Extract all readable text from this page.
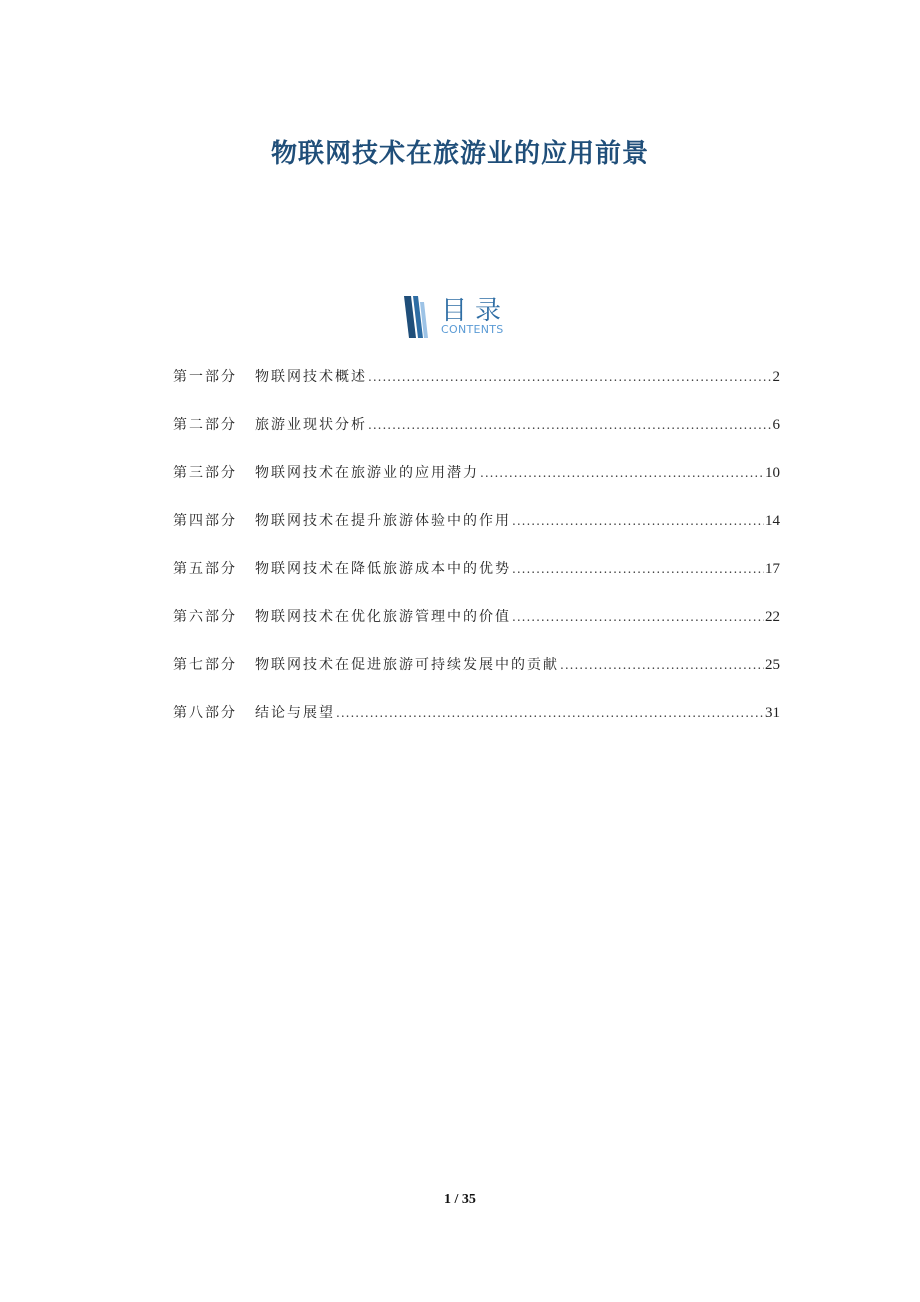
物联网技术在旅游业的应用前景
目录
CONTENTS
第一部分	物联网技术概述 .....	2
第二部分	旅游业现状分析 .....	6
第三部分	物联网技术在旅游业的应用潜力 .....	10
第四部分	物联网技术在提升旅游体验中的作用 .....	14
第五部分	物联网技术在降低旅游成本中的优势 .....	17
第六部分	物联网技术在优化旅游管理中的价值 .....	22
第七部分	物联网技术在促进旅游可持续发展中的贡献 .....	25
第八部分	结论与展望 .....	31
1 / 35
